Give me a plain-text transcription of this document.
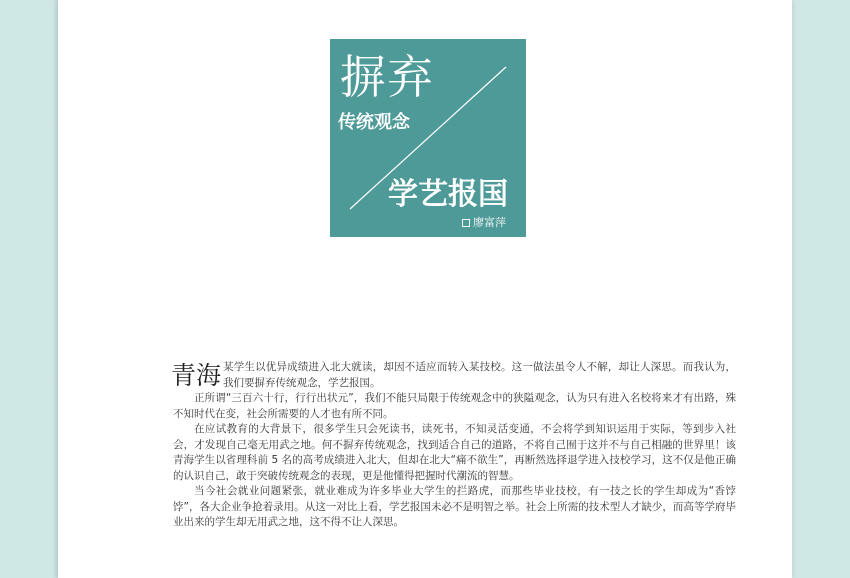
摒弃
传统观念
学艺报国
廖富萍

青海 某学生以优异成绩进入北大就读，却因不适应而转入某技校。这一做法虽令人不解，却让人深思。而我认为，我们要摒弃传统观念，学艺报国。

正所谓“三百六十行，行行出状元”，我们不能只局限于传统观念中的狭隘观念，认为只有进入名校将来才有出路，殊不知时代在变，社会所需要的人才也有所不同。

在应试教育的大背景下，很多学生只会死读书，读死书，不知灵活变通，不会将学到知识运用于实际，等到步入社会，才发现自己毫无用武之地。何不摒弃传统观念，找到适合自己的道路，不将自己囿于这并不与自己相融的世界里！该青海学生以省理科前 5 名的高考成绩进入北大，但却在北大“痛不欲生”，再断然选择退学进入技校学习，这不仅是他正确的认识自己，敢于突破传统观念的表现，更是他懂得把握时代潮流的智慧。

当今社会就业问题紧张，就业难成为许多毕业大学生的拦路虎，而那些毕业技校，有一技之长的学生却成为“香饽饽”，各大企业争抢着录用。从这一对比上看，学艺报国未必不是明智之举。社会上所需的技术型人才缺少，而高等学府毕业出来的学生却无用武之地，这不得不让人深思。
